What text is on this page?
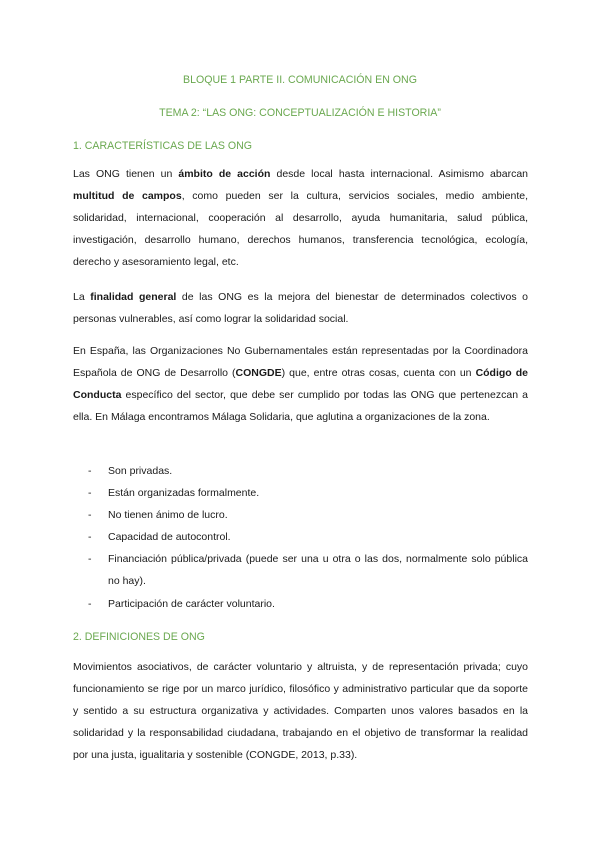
BLOQUE 1 PARTE II. COMUNICACIÓN EN ONG
TEMA 2: “LAS ONG: CONCEPTUALIZACIÓN E HISTORIA”
1. CARACTERÍSTICAS DE LAS ONG
Las ONG tienen un ámbito de acción desde local hasta internacional. Asimismo abarcan multitud de campos, como pueden ser la cultura, servicios sociales, medio ambiente, solidaridad, internacional, cooperación al desarrollo, ayuda humanitaria, salud pública, investigación, desarrollo humano, derechos humanos, transferencia tecnológica, ecología, derecho y asesoramiento legal, etc.
La finalidad general de las ONG es la mejora del bienestar de determinados colectivos o personas vulnerables, así como lograr la solidaridad social.
En España, las Organizaciones No Gubernamentales están representadas por la Coordinadora Española de ONG de Desarrollo (CONGDE) que, entre otras cosas, cuenta con un Código de Conducta específico del sector, que debe ser cumplido por todas las ONG que pertenezcan a ella. En Málaga encontramos Málaga Solidaria, que aglutina a organizaciones de la zona.
- Son privadas.
- Están organizadas formalmente.
- No tienen ánimo de lucro.
- Capacidad de autocontrol.
- Financiación pública/privada (puede ser una u otra o las dos, normalmente solo pública no hay).
- Participación de carácter voluntario.
2. DEFINICIONES DE ONG
Movimientos asociativos, de carácter voluntario y altruista, y de representación privada; cuyo funcionamiento se rige por un marco jurídico, filosófico y administrativo particular que da soporte y sentido a su estructura organizativa y actividades. Comparten unos valores basados en la solidaridad y la responsabilidad ciudadana, trabajando en el objetivo de transformar la realidad por una justa, igualitaria y sostenible (CONGDE, 2013, p.33).
